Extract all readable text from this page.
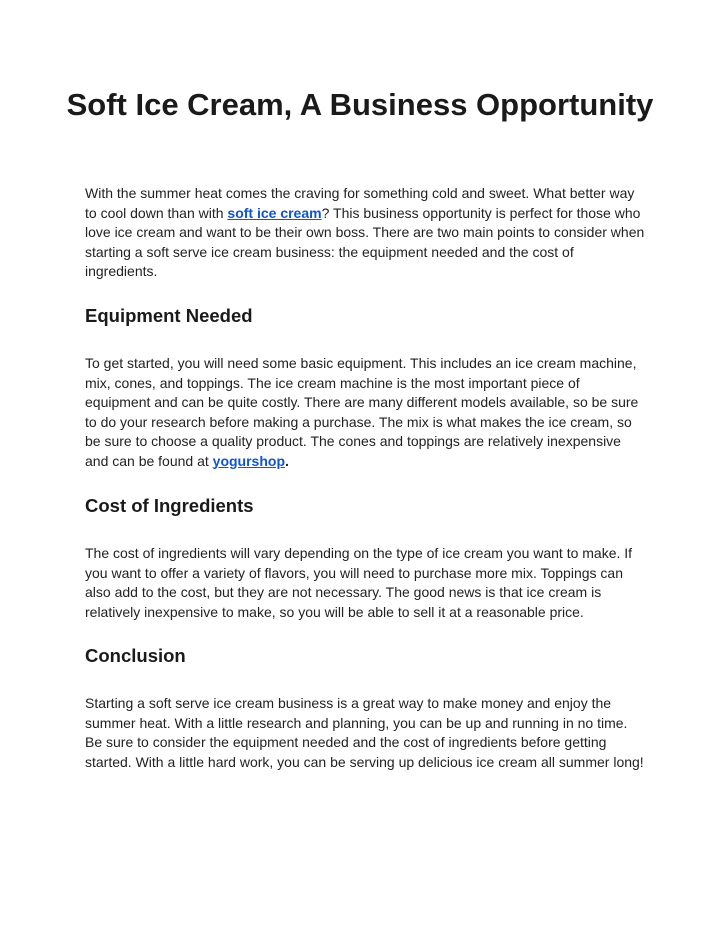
Soft Ice Cream, A Business Opportunity

With the summer heat comes the craving for something cold and sweet. What better way to cool down than with soft ice cream? This business opportunity is perfect for those who love ice cream and want to be their own boss. There are two main points to consider when starting a soft serve ice cream business: the equipment needed and the cost of ingredients.

Equipment Needed

To get started, you will need some basic equipment. This includes an ice cream machine, mix, cones, and toppings. The ice cream machine is the most important piece of equipment and can be quite costly. There are many different models available, so be sure to do your research before making a purchase. The mix is what makes the ice cream, so be sure to choose a quality product. The cones and toppings are relatively inexpensive and can be found at yogurshop.

Cost of Ingredients

The cost of ingredients will vary depending on the type of ice cream you want to make. If you want to offer a variety of flavors, you will need to purchase more mix. Toppings can also add to the cost, but they are not necessary. The good news is that ice cream is relatively inexpensive to make, so you will be able to sell it at a reasonable price.

Conclusion

Starting a soft serve ice cream business is a great way to make money and enjoy the summer heat. With a little research and planning, you can be up and running in no time. Be sure to consider the equipment needed and the cost of ingredients before getting started. With a little hard work, you can be serving up delicious ice cream all summer long!
